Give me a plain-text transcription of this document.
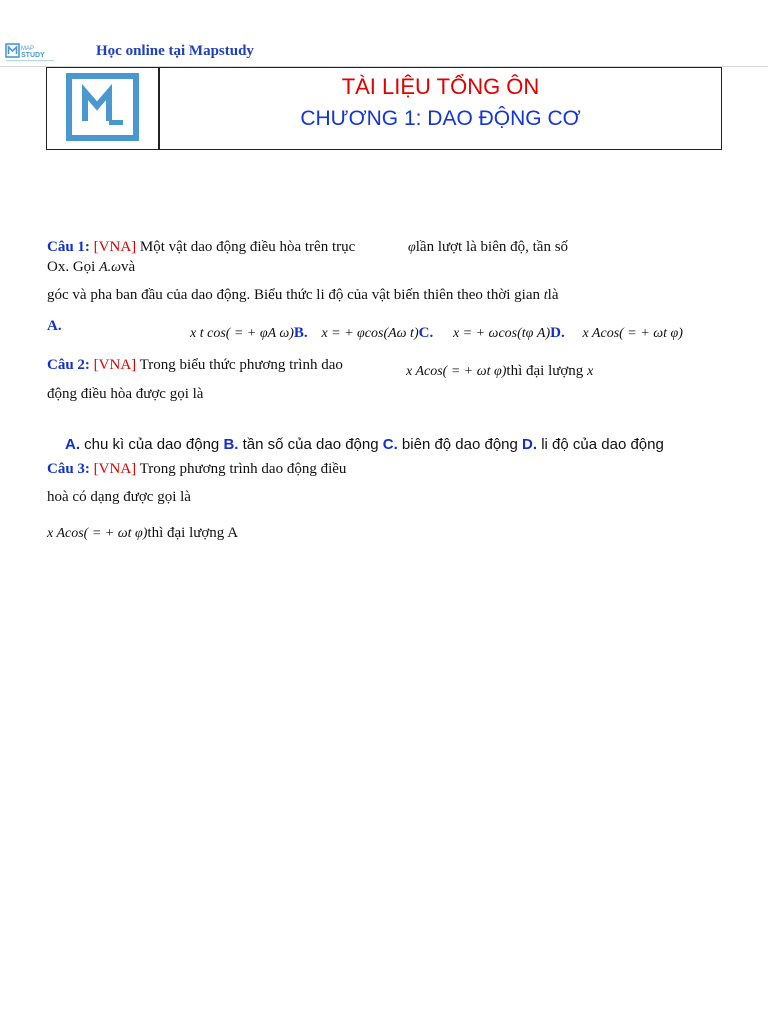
MAP
STUDY	Học online tại Mapstudy
TÀI LIỆU TỔNG ÔN
CHƯƠNG 1: DAO ĐỘNG CƠ
Câu 1: [VNA] Một vật dao động điều hòa trên trục	φlần lượt là biên độ, tần số
Ox. Gọi A.ωvà
góc và pha ban đầu của dao động. Biểu thức li độ của vật biến thiên theo thời gian tlà
A.	x t cos( = + φA ω)B. x = + φcos(Aω t)C. x = + ωcos(tφ A)D. x Acos( = + ωt φ)
Câu 2: [VNA] Trong biểu thức phương trình dao	x Acos( = + ωt φ)thì đại lượng x
động điều hòa được gọi là
A. chu kì của dao động B. tần số của dao động C. biên độ dao động D. li độ của dao động
Câu 3: [VNA] Trong phương trình dao động điều
hoà có dạng được gọi là
x Acos( = + ωt φ)thì đại lượng A
